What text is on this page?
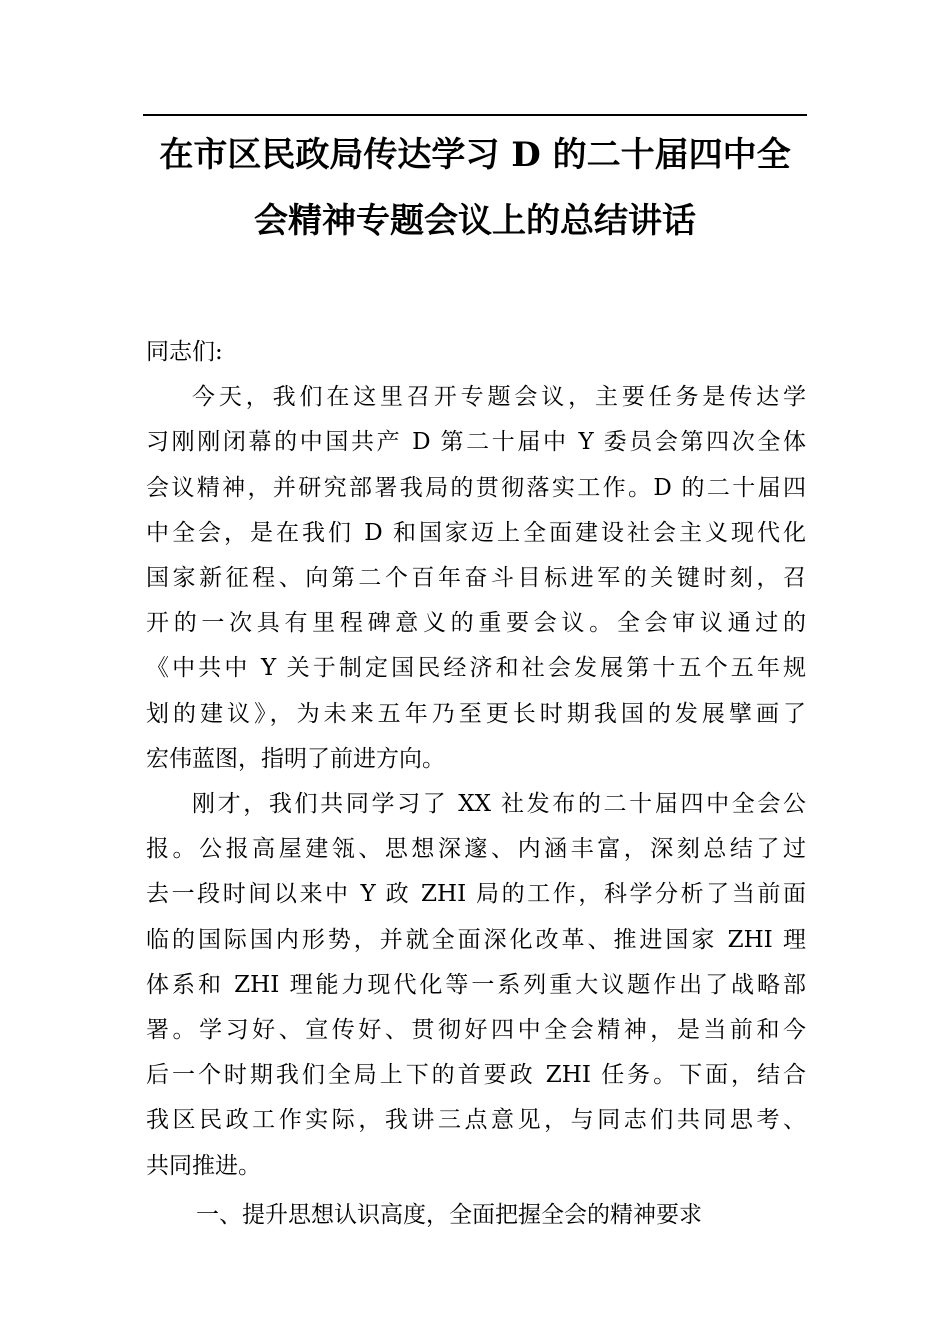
在市区民政局传达学习 D 的二十届四中全
会精神专题会议上的总结讲话

同志们:

今天，我们在这里召开专题会议，主要任务是传达学
习刚刚闭幕的中国共产 D 第二十届中 Y 委员会第四次全体
会议精神，并研究部署我局的贯彻落实工作。D 的二十届四
中全会，是在我们 D 和国家迈上全面建设社会主义现代化
国家新征程、向第二个百年奋斗目标进军的关键时刻，召
开的一次具有里程碑意义的重要会议。全会审议通过的
《中共中 Y 关于制定国民经济和社会发展第十五个五年规
划的建议》，为未来五年乃至更长时期我国的发展擘画了
宏伟蓝图，指明了前进方向。

刚才，我们共同学习了 XX 社发布的二十届四中全会公
报。公报高屋建瓴、思想深邃、内涵丰富，深刻总结了过
去一段时间以来中 Y 政 ZHI 局的工作，科学分析了当前面
临的国际国内形势，并就全面深化改革、推进国家 ZHI 理
体系和 ZHI 理能力现代化等一系列重大议题作出了战略部
署。学习好、宣传好、贯彻好四中全会精神，是当前和今
后一个时期我们全局上下的首要政 ZHI 任务。下面，结合
我区民政工作实际，我讲三点意见，与同志们共同思考、
共同推进。

一、提升思想认识高度，全面把握全会的精神要求
